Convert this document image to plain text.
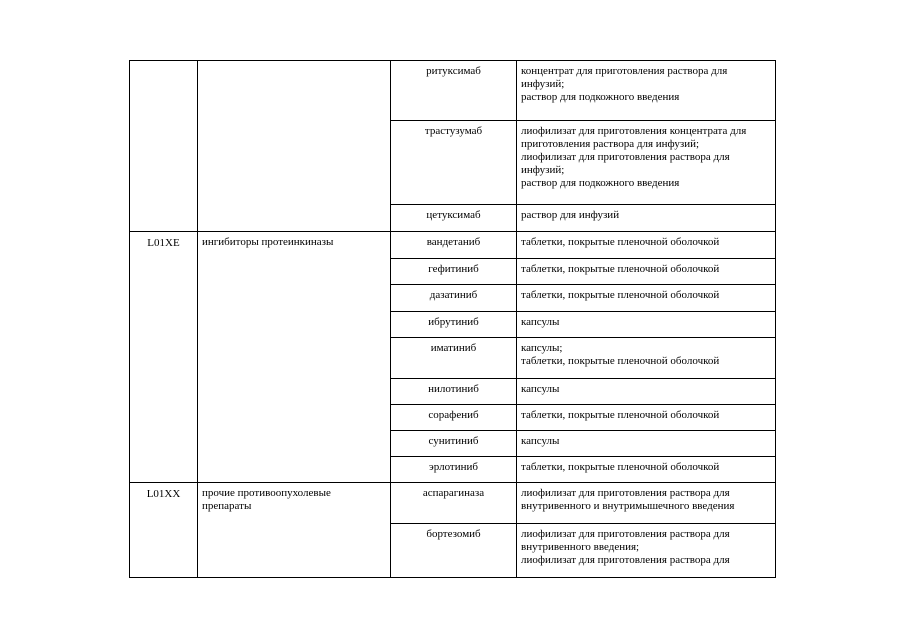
		ритуксимаб	концентрат для приготовления раствора для инфузий;
раствор для подкожного введения

		трастузумаб	лиофилизат для приготовления концентрата для приготовления раствора для инфузий;
лиофилизат для приготовления раствора для инфузий;
раствор для подкожного введения

		цетуксимаб	раствор для инфузий

L01XE	ингибиторы протеинкиназы	вандетаниб	таблетки, покрытые пленочной оболочкой

		гефитиниб	таблетки, покрытые пленочной оболочкой

		дазатиниб	таблетки, покрытые пленочной оболочкой

		ибрутиниб	капсулы

		иматиниб	капсулы;
таблетки, покрытые пленочной оболочкой

		нилотиниб	капсулы

		сорафениб	таблетки, покрытые пленочной оболочкой

		сунитиниб	капсулы

		эрлотиниб	таблетки, покрытые пленочной оболочкой

L01XX	прочие противоопухолевые препараты	аспарагиназа	лиофилизат для приготовления раствора для внутривенного и внутримышечного введения

		бортезомиб	лиофилизат для приготовления раствора для внутривенного введения;
лиофилизат для приготовления раствора для
